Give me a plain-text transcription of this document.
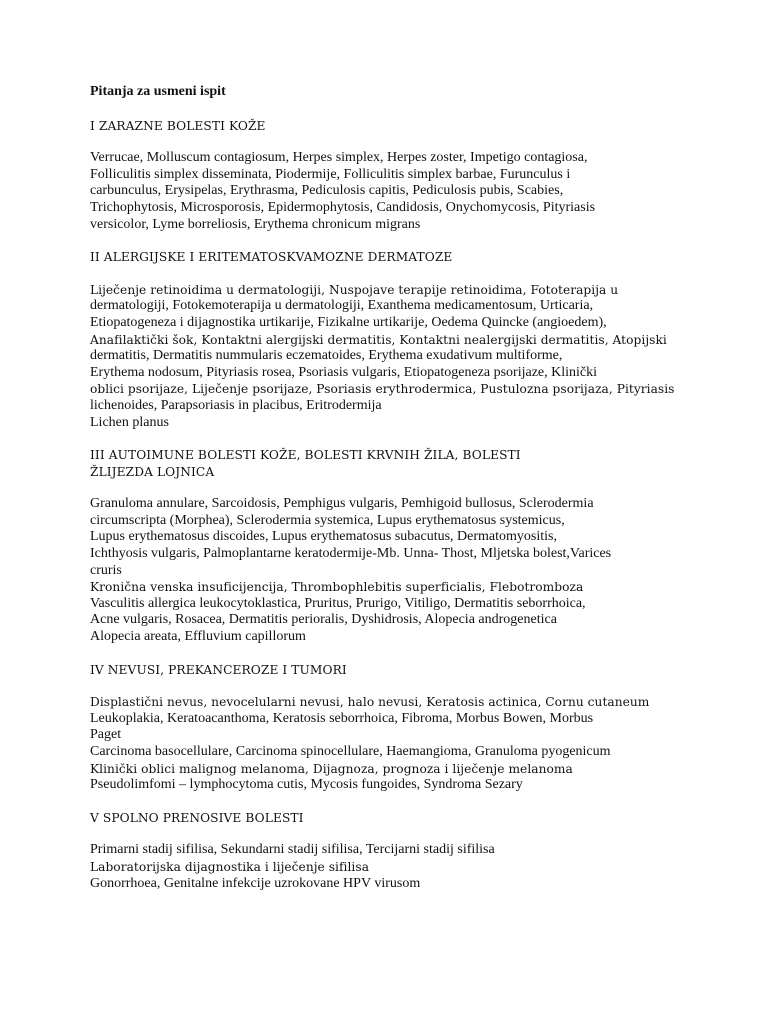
Pitanja za usmeni ispit
I ZARAZNE BOLESTI KOŽE
Verrucae, Molluscum contagiosum, Herpes simplex, Herpes zoster, Impetigo contagiosa,
Folliculitis simplex disseminata, Piodermije, Folliculitis simplex barbae, Furunculus i
carbunculus, Erysipelas, Erythrasma, Pediculosis capitis, Pediculosis pubis, Scabies,
Trichophytosis, Microsporosis, Epidermophytosis, Candidosis, Onychomycosis, Pityriasis
versicolor, Lyme borreliosis, Erythema chronicum migrans
II ALERGIJSKE I ERITEMATOSKVAMOZNE DERMATOZE
Liječenje retinoidima u dermatologiji, Nuspojave terapije retinoidima, Fototerapija u
dermatologiji, Fotokemoterapija u dermatologiji, Exanthema medicamentosum, Urticaria,
Etiopatogeneza i dijagnostika urtikarije, Fizikalne urtikarije, Oedema Quincke (angioedem),
Anafilaktički šok, Kontaktni alergijski dermatitis, Kontaktni nealergijski dermatitis, Atopijski
dermatitis, Dermatitis nummularis eczematoides, Erythema exudativum multiforme,
Erythema nodosum, Pityriasis rosea, Psoriasis vulgaris, Etiopatogeneza psorijaze, Klinički
oblici psorijaze, Liječenje psorijaze, Psoriasis erythrodermica, Pustulozna psorijaza, Pityriasis
lichenoides, Parapsoriasis in placibus, Eritrodermija
Lichen planus
III AUTOIMUNE BOLESTI KOŽE, BOLESTI KRVNIH ŽILA, BOLESTI
ŽLIJEZDA LOJNICA
Granuloma annulare, Sarcoidosis, Pemphigus vulgaris, Pemhigoid bullosus, Sclerodermia
circumscripta (Morphea), Sclerodermia systemica, Lupus erythematosus systemicus,
Lupus erythematosus discoides, Lupus erythematosus subacutus, Dermatomyositis,
Ichthyosis vulgaris, Palmoplantarne keratodermije-Mb. Unna- Thost, Mljetska bolest,Varices
cruris
Kronična venska insuficijencija, Thrombophlebitis superficialis, Flebotromboza
Vasculitis allergica leukocytoklastica, Pruritus, Prurigo, Vitiligo, Dermatitis seborrhoica,
Acne vulgaris, Rosacea, Dermatitis perioralis, Dyshidrosis, Alopecia androgenetica
Alopecia areata, Effluvium capillorum
IV NEVUSI, PREKANCEROZE I TUMORI
Displastični nevus, nevocelularni nevusi, halo nevusi, Keratosis actinica, Cornu cutaneum
Leukoplakia, Keratoacanthoma, Keratosis seborrhoica, Fibroma, Morbus Bowen, Morbus
Paget
Carcinoma basocellulare, Carcinoma spinocellulare, Haemangioma, Granuloma pyogenicum
Klinički oblici malignog melanoma, Dijagnoza, prognoza i liječenje melanoma
Pseudolimfomi – lymphocytoma cutis, Mycosis fungoides, Syndroma Sezary
V SPOLNO PRENOSIVE BOLESTI
Primarni stadij sifilisa, Sekundarni stadij sifilisa, Tercijarni stadij sifilisa
Laboratorijska dijagnostika i liječenje sifilisa
Gonorrhoea, Genitalne infekcije uzrokovane HPV virusom
